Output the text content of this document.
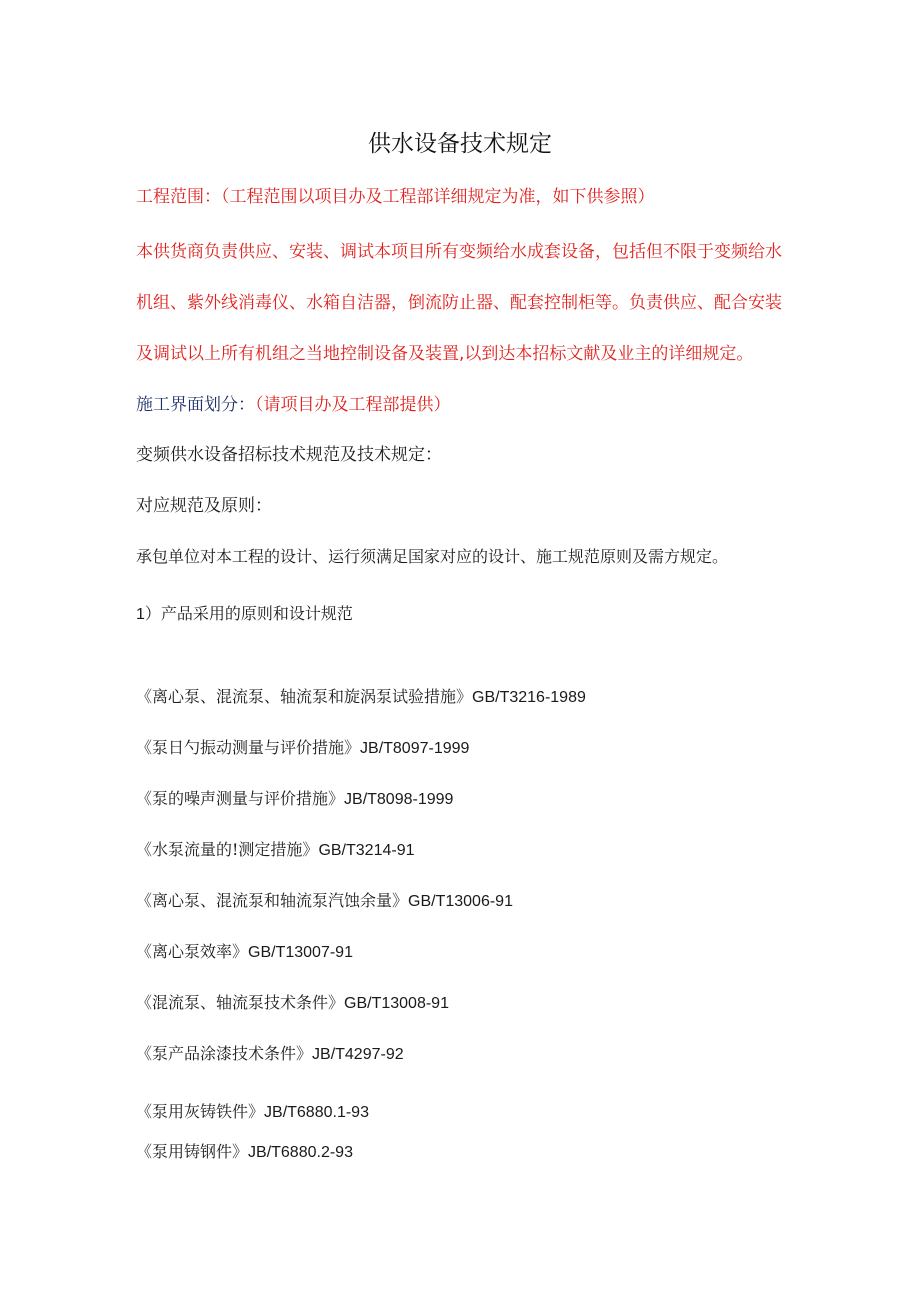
供水设备技术规定
工程范围：（工程范围以项目办及工程部详细规定为准，如下供参照）
本供货商负责供应、安装、调试本项目所有变频给水成套设备，包括但不限于变频给水
机组、紫外线消毒仪、水箱自洁器，倒流防止器、配套控制柜等。负责供应、配合安装
及调试以上所有机组之当地控制设备及装置,以到达本招标文献及业主的详细规定。
施工界面划分：（请项目办及工程部提供）
变频供水设备招标技术规范及技术规定：
对应规范及原则：
承包单位对本工程的设计、运行须满足国家对应的设计、施工规范原则及需方规定。
1）产品采用的原则和设计规范
《离心泵、混流泵、轴流泵和旋涡泵试验措施》GB/T3216-1989
《泵日勺振动测量与评价措施》JB/T8097-1999
《泵的噪声测量与评价措施》JB/T8098-1999
《水泵流量的!测定措施》GB/T3214-91
《离心泵、混流泵和轴流泵汽蚀余量》GB/T13006-91
《离心泵效率》GB/T13007-91
《混流泵、轴流泵技术条件》GB/T13008-91
《泵产品涂漆技术条件》JB/T4297-92
《泵用灰铸铁件》JB/T6880.1-93
《泵用铸钢件》JB/T6880.2-93
